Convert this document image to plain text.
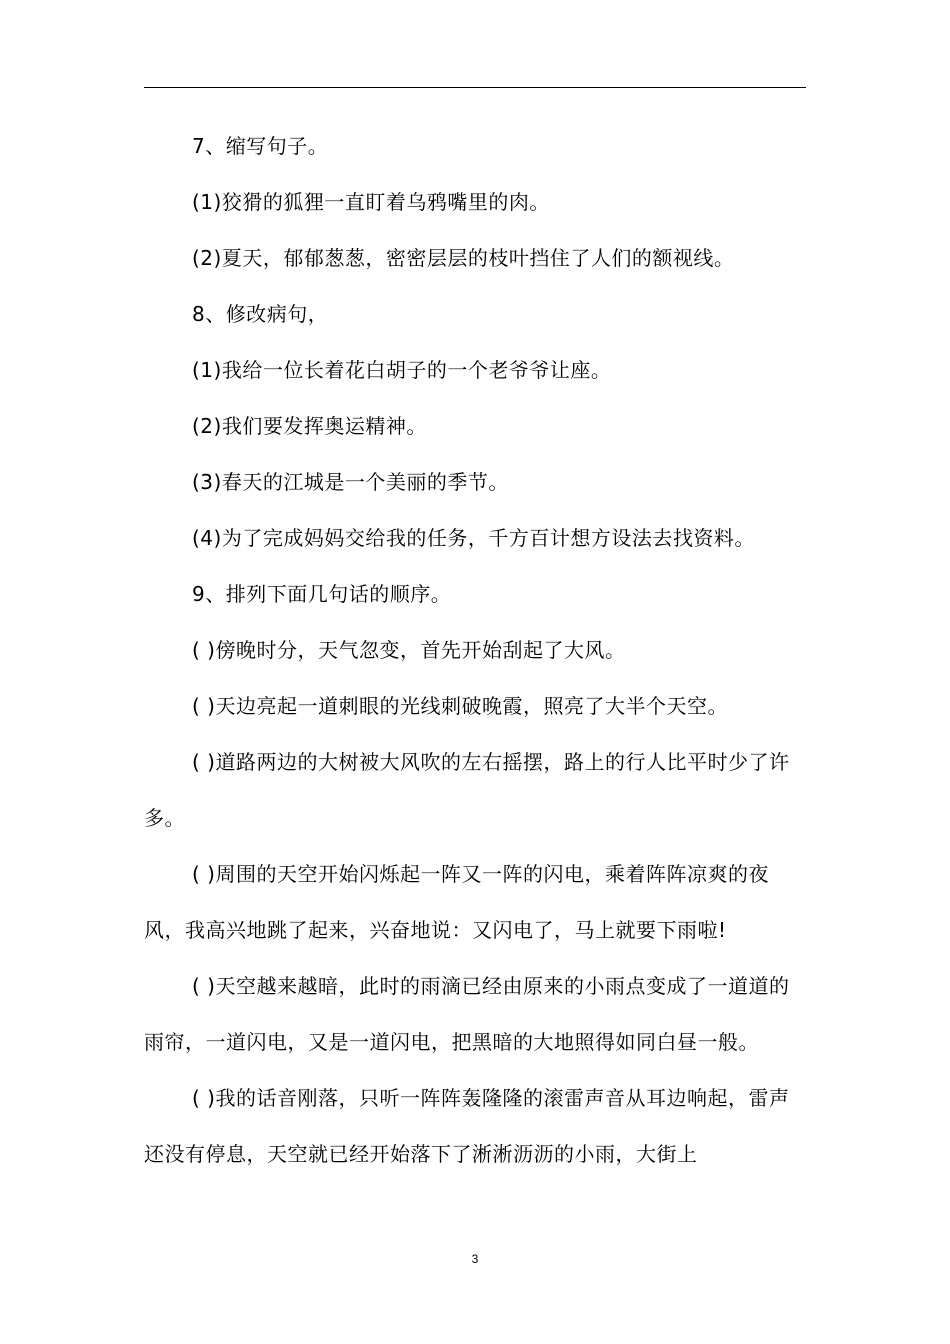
7、缩写句子。

(1)狡猾的狐狸一直盯着乌鸦嘴里的肉。

(2)夏天，郁郁葱葱，密密层层的枝叶挡住了人们的额视线。

8、修改病句，

(1)我给一位长着花白胡子的一个老爷爷让座。

(2)我们要发挥奥运精神。

(3)春天的江城是一个美丽的季节。

(4)为了完成妈妈交给我的任务，千方百计想方设法去找资料。

9、排列下面几句话的顺序。

( )傍晚时分，天气忽变，首先开始刮起了大风。

( )天边亮起一道刺眼的光线刺破晚霞，照亮了大半个天空。

( )道路两边的大树被大风吹的左右摇摆，路上的行人比平时少了许多。

( )周围的天空开始闪烁起一阵又一阵的闪电，乘着阵阵凉爽的夜风，我高兴地跳了起来，兴奋地说：又闪电了，马上就要下雨啦!

( )天空越来越暗，此时的雨滴已经由原来的小雨点变成了一道道的雨帘，一道闪电，又是一道闪电，把黑暗的大地照得如同白昼一般。

( )我的话音刚落，只听一阵阵轰隆隆的滚雷声音从耳边响起，雷声还没有停息，天空就已经开始落下了淅淅沥沥的小雨，大街上

3
